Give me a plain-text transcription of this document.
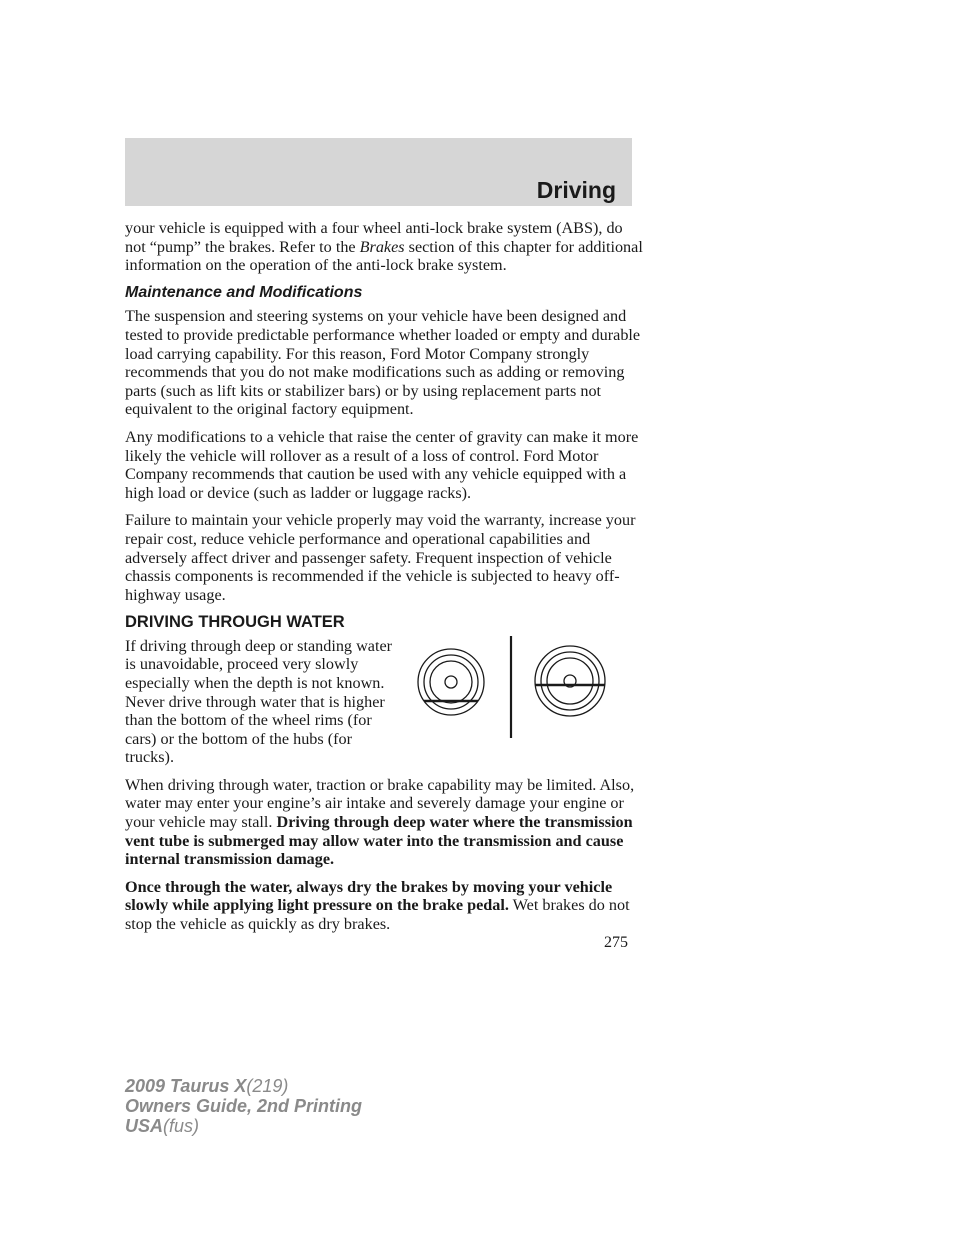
Driving

your vehicle is equipped with a four wheel anti-lock brake system (ABS), do not “pump” the brakes. Refer to the Brakes section of this chapter for additional information on the operation of the anti-lock brake system.

Maintenance and Modifications

The suspension and steering systems on your vehicle have been designed and tested to provide predictable performance whether loaded or empty and durable load carrying capability. For this reason, Ford Motor Company strongly recommends that you do not make modifications such as adding or removing parts (such as lift kits or stabilizer bars) or by using replacement parts not equivalent to the original factory equipment.

Any modifications to a vehicle that raise the center of gravity can make it more likely the vehicle will rollover as a result of a loss of control. Ford Motor Company recommends that caution be used with any vehicle equipped with a high load or device (such as ladder or luggage racks).

Failure to maintain your vehicle properly may void the warranty, increase your repair cost, reduce vehicle performance and operational capabilities and adversely affect driver and passenger safety. Frequent inspection of vehicle chassis components is recommended if the vehicle is subjected to heavy off-highway usage.

DRIVING THROUGH WATER
If driving through deep or standing water is unavoidable, proceed very slowly especially when the depth is not known. Never drive through water that is higher than the bottom of the wheel rims (for cars) or the bottom of the hubs (for trucks).

When driving through water, traction or brake capability may be limited. Also, water may enter your engine’s air intake and severely damage your engine or your vehicle may stall. Driving through deep water where the transmission vent tube is submerged may allow water into the transmission and cause internal transmission damage.

Once through the water, always dry the brakes by moving your vehicle slowly while applying light pressure on the brake pedal. Wet brakes do not stop the vehicle as quickly as dry brakes.

275
2009 Taurus X(219)
Owners Guide, 2nd Printing
USA(fus)
